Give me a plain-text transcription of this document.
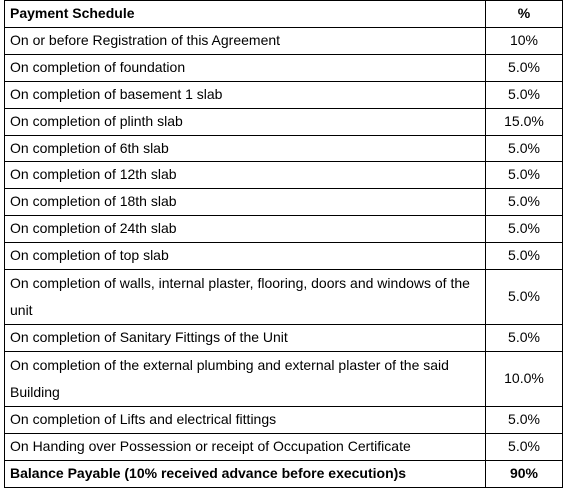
Payment Schedule	%
On or before Registration of this Agreement	10%
On completion of foundation	5.0%
On completion of basement 1 slab	5.0%
On completion of plinth slab	15.0%
On completion of 6th slab	5.0%
On completion of 12th slab	5.0%
On completion of 18th slab	5.0%
On completion of 24th slab	5.0%
On completion of top slab	5.0%
On completion of walls, internal plaster, flooring, doors and windows of the unit	5.0%
On completion of Sanitary Fittings of the Unit	5.0%
On completion of the external plumbing and external plaster of the said Building	10.0%
On completion of Lifts and electrical fittings	5.0%
On Handing over Possession or receipt of Occupation Certificate	5.0%
Balance Payable (10% received advance before execution)s	90%
